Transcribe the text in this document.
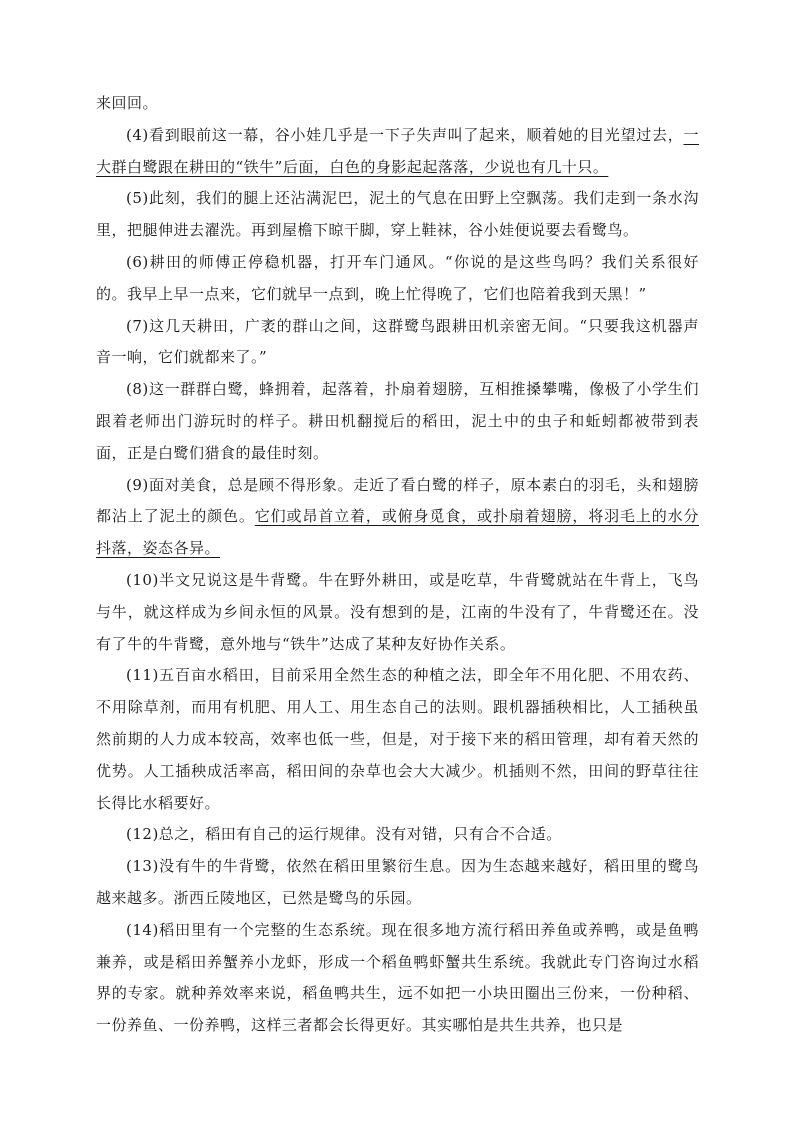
来回回。

(4)看到眼前这一幕，谷小娃几乎是一下子失声叫了起来，顺着她的目光望过去，一大群白鹭跟在耕田的“铁牛”后面，白色的身影起起落落，少说也有几十只。

(5)此刻，我们的腿上还沾满泥巴，泥土的气息在田野上空飘荡。我们走到一条水沟里，把腿伸进去濯洗。再到屋檐下晾干脚，穿上鞋袜，谷小娃便说要去看鹭鸟。

(6)耕田的师傅正停稳机器，打开车门通风。“你说的是这些鸟吗？我们关系很好的。我早上早一点来，它们就早一点到，晚上忙得晚了，它们也陪着我到天黑！”

(7)这几天耕田，广袤的群山之间，这群鹭鸟跟耕田机亲密无间。“只要我这机器声音一响，它们就都来了。”

(8)这一群群白鹭，蜂拥着，起落着，扑扇着翅膀，互相推搡攀嘴，像极了小学生们跟着老师出门游玩时的样子。耕田机翻搅后的稻田，泥土中的虫子和蚯蚓都被带到表面，正是白鹭们猎食的最佳时刻。

(9)面对美食，总是顾不得形象。走近了看白鹭的样子，原本素白的羽毛，头和翅膀都沾上了泥土的颜色。它们或昂首立着，或俯身觅食，或扑扇着翅膀，将羽毛上的水分抖落，姿态各异。

(10)半文兄说这是牛背鹭。牛在野外耕田，或是吃草，牛背鹭就站在牛背上，飞鸟与牛，就这样成为乡间永恒的风景。没有想到的是，江南的牛没有了，牛背鹭还在。没有了牛的牛背鹭，意外地与“铁牛”达成了某种友好协作关系。

(11)五百亩水稻田，目前采用全然生态的种植之法，即全年不用化肥、不用农药、不用除草剂，而用有机肥、用人工、用生态自己的法则。跟机器插秧相比，人工插秧虽然前期的人力成本较高，效率也低一些，但是，对于接下来的稻田管理，却有着天然的优势。人工插秧成活率高，稻田间的杂草也会大大减少。机插则不然，田间的野草往往长得比水稻要好。

(12)总之，稻田有自己的运行规律。没有对错，只有合不合适。

(13)没有牛的牛背鹭，依然在稻田里繁衍生息。因为生态越来越好，稻田里的鹭鸟越来越多。浙西丘陵地区，已然是鹭鸟的乐园。

(14)稻田里有一个完整的生态系统。现在很多地方流行稻田养鱼或养鸭，或是鱼鸭兼养，或是稻田养蟹养小龙虾，形成一个稻鱼鸭虾蟹共生系统。我就此专门咨询过水稻界的专家。就种养效率来说，稻鱼鸭共生，远不如把一小块田圈出三份来，一份种稻、一份养鱼、一份养鸭，这样三者都会长得更好。其实哪怕是共生共养，也只是
